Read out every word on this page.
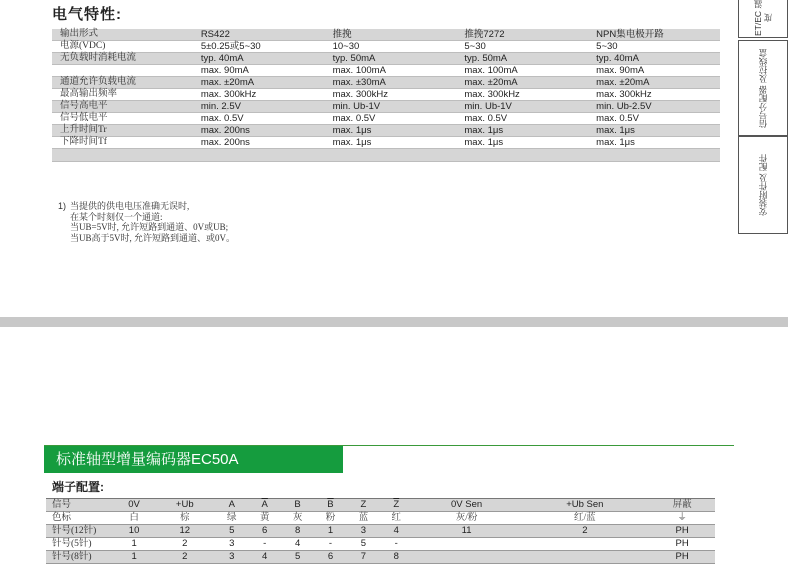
电气特性:
输出形式	RS422	推挽	推挽7272	NPN集电极开路
电源(VDC)	5±0.25或5~30	10~30	5~30	5~30
无负载时消耗电流	typ. 40mA	typ. 50mA	typ. 50mA	typ. 40mA
	max. 90mA	max. 100mA	max. 100mA	max. 90mA
通道允许负载电流	max. ±20mA	max. ±30mA	max. ±20mA	max. ±20mA
最高输出频率	max. 300kHz	max. 300kHz	max. 300kHz	max. 300kHz
信号高电平	min. 2.5V	min. Ub-1V	min. Ub-1V	min. Ub-2.5V
信号低电平	max. 0.5V	max. 0.5V	max. 0.5V	max. 0.5V
上升时间Tr	max. 200ns	max. 1μs	max. 1μs	max. 1μs
下降时间Tf	max. 200ns	max. 1μs	max. 1μs	max. 1μs

1) 当提供的供电电压准确无误时,

在某个时刻仅一个通道:

当UB=5V时, 允许短路到通道、0V或UB;

当UB高于5V时, 允许短路到通道、或0V。

ET/EC 温度
信号分配器 及拉线盒
安装附件及 配件
标准轴型增量编码器EC50A
端子配置:
信号	0V	+Ub	A	$\overline{A}$	B	$\overline{B}$	Z	$\overline{Z}$	0V Sen	+Ub Sen	屏蔽
色标	白	棕	绿	黄	灰	粉	蓝	红	灰/粉	红/蓝	⏚
针号(12针)	10	12	5	6	8	1	3	4	11	2	PH
针号(5针)	1	2	3	-	4	-	5	-			PH
针号(8针)	1	2	3	4	5	6	7	8			PH
